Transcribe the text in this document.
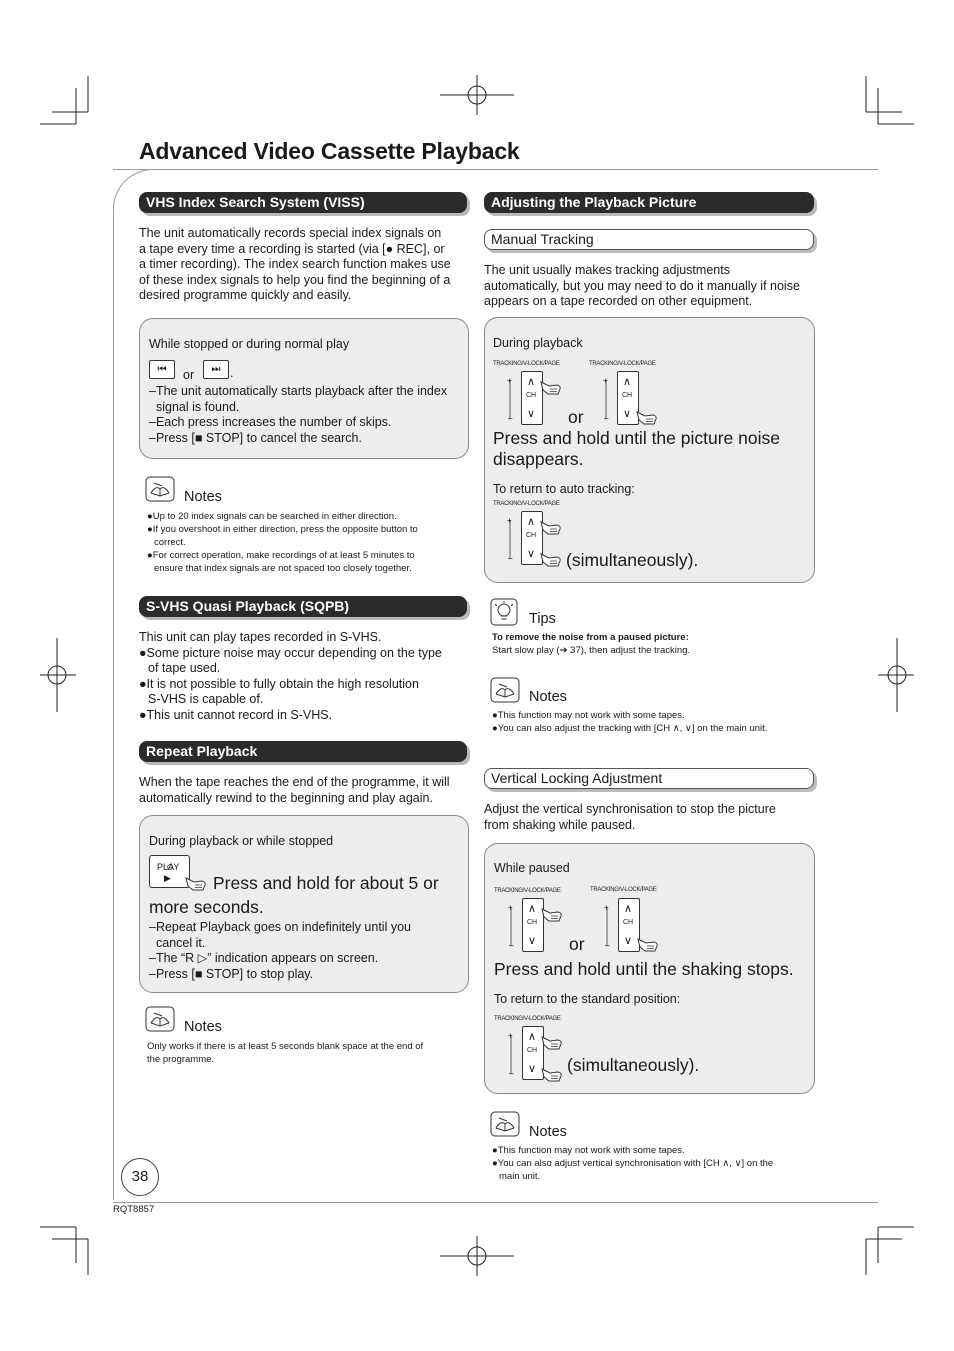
Advanced Video Cassette Playback
VHS Index Search System (VISS)
The unit automatically records special index signals on
a tape every time a recording is started (via [● REC], or
a timer recording). The index search function makes use
of these index signals to help you find the beginning of a
desired programme quickly and easily.
While stopped or during normal play
⏮	or	⏭ .
–The unit automatically starts playback after the index
signal is found.
–Each press increases the number of skips.
–Press [■ STOP] to cancel the search.
Notes
●Up to 20 index signals can be searched in either direction.
●If you overshoot in either direction, press the opposite button to
correct.
●For correct operation, make recordings of at least 5 minutes to
ensure that index signals are not spaced too closely together.
S-VHS Quasi Playback (SQPB)
This unit can play tapes recorded in S-VHS.
●Some picture noise may occur depending on the type
of tape used.
●It is not possible to fully obtain the high resolution
S-VHS is capable of.
●This unit cannot record in S-VHS.
Repeat Playback
When the tape reaches the end of the programme, it will
automatically rewind to the beginning and play again.
During playback or while stopped
PLAY
▶ Press and hold for about 5 or
more seconds.
–Repeat Playback goes on indefinitely until you
cancel it.
–The “R ▷” indication appears on screen.
–Press [■ STOP] to stop play.
Notes
Only works if there is at least 5 seconds blank space at the end of
the programme.
38
RQT8857
Adjusting the Playback Picture
Manual Tracking
The unit usually makes tracking adjustments
automatically, but you may need to do it manually if noise
appears on a tape recorded on other equipment.
During playback
TRACKING/V-LOCK/PAGE
+
–
∧
CH
∨ or
TRACKING/V-LOCK/PAGE
+
–
∧
CH
∨
Press and hold until the picture noise
disappears.
To return to auto tracking:
TRACKING/V-LOCK/PAGE
+
–
∧
CH
∨ (simultaneously).
Tips
To remove the noise from a paused picture:
Start slow play (➔ 37), then adjust the tracking.
Notes
●This function may not work with some tapes.
●You can also adjust the tracking with [CH ∧, ∨] on the main unit.
Vertical Locking Adjustment
Adjust the vertical synchronisation to stop the picture
from shaking while paused.
While paused
TRACKING/V-LOCK/PAGE
+
–
∧
CH
∨ or
TRACKING/V-LOCK/PAGE
+
–
∧
CH
∨
Press and hold until the shaking stops.
To return to the standard position:
TRACKING/V-LOCK/PAGE
+
–
∧
CH
∨ (simultaneously).
Notes
●This function may not work with some tapes.
●You can also adjust vertical synchronisation with [CH ∧, ∨] on the
main unit.
